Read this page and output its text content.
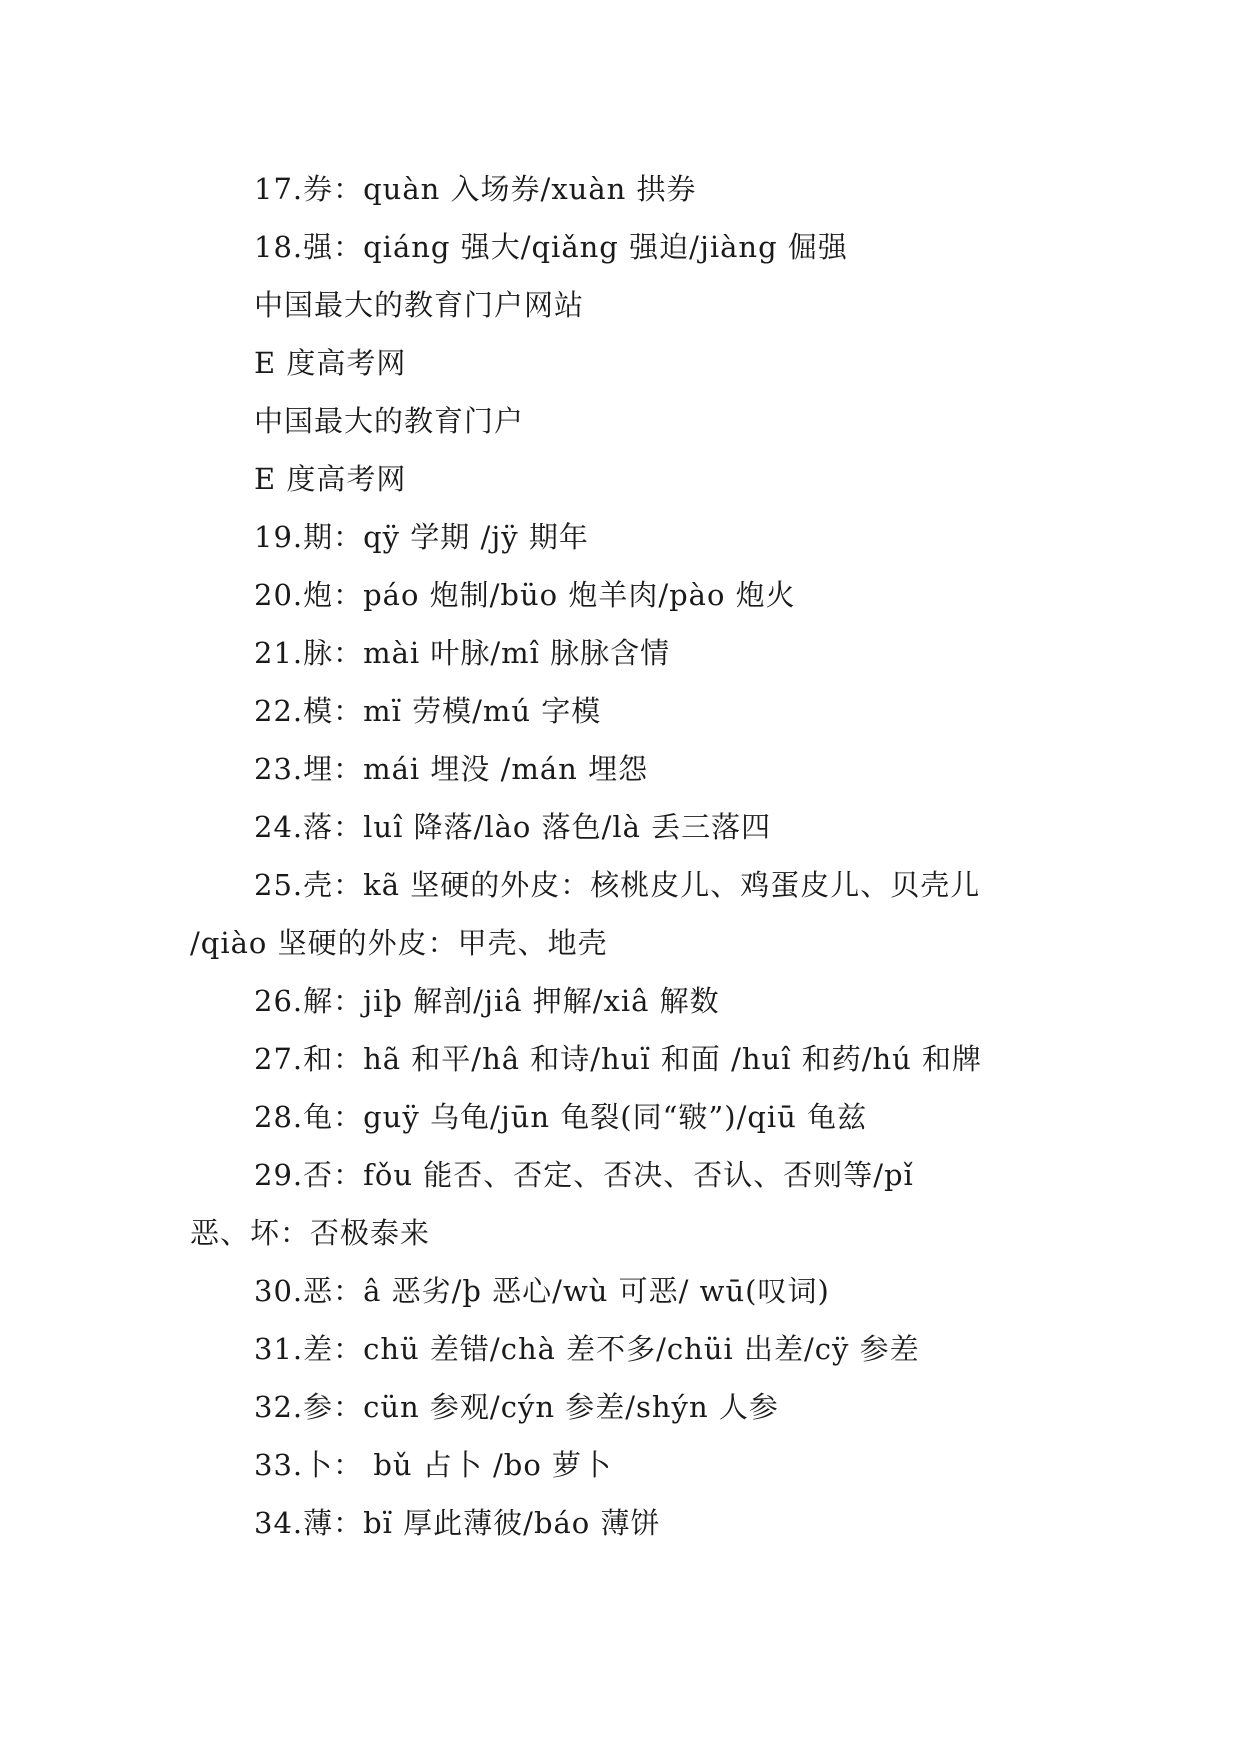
17.券：quàn 入场券/xuàn 拱券
18.强：qiáng 强大/qiǎng 强迫/jiàng 倔强
中国最大的教育门户网站
E 度高考网
中国最大的教育门户
E 度高考网
19.期：qÿ 学期 /jÿ 期年
20.炮：páo 炮制/büo 炮羊肉/pào 炮火
21.脉：mài 叶脉/mî 脉脉含情
22.模：mï 劳模/mú 字模
23.埋：mái 埋没 /mán 埋怨
24.落：luî 降落/lào 落色/là 丢三落四
25.壳：kã 坚硬的外皮：核桃皮儿、鸡蛋皮儿、贝壳儿
/qiào 坚硬的外皮：甲壳、地壳
26.解：jiþ 解剖/jiâ 押解/xiâ 解数
27.和：hã 和平/hâ 和诗/huï 和面 /huî 和药/hú 和牌
28.龟：guÿ 乌龟/jūn 龟裂(同“皲”)/qiū 龟兹
29.否：fǒu 能否、否定、否决、否认、否则等/pǐ
恶、坏：否极泰来
30.恶：â 恶劣/þ 恶心/wù 可恶/ wū(叹词)
31.差：chü 差错/chà 差不多/chüi 出差/cÿ 参差
32.参：cün 参观/cýn 参差/shýn 人参
33.卜： bǔ 占卜 /bo 萝卜
34.薄：bï 厚此薄彼/báo 薄饼
